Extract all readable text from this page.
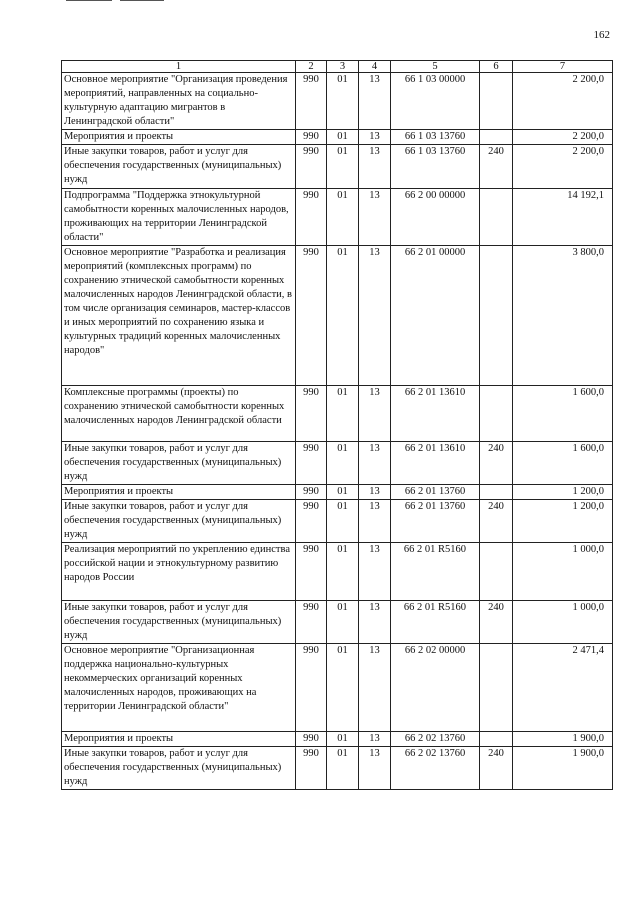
162
1	2	3	4	5	6	7
Основное мероприятие "Организация проведения мероприятий, направленных на социально-культурную адаптацию мигрантов в Ленинградской области"	990	01	13	66 1 03 00000		2 200,0
Мероприятия и проекты	990	01	13	66 1 03 13760		2 200,0
Иные закупки товаров, работ и услуг для обеспечения государственных (муниципальных) нужд	990	01	13	66 1 03 13760	240	2 200,0
Подпрограмма "Поддержка этнокультурной самобытности коренных малочисленных народов, проживающих на территории Ленинградской области"	990	01	13	66 2 00 00000		14 192,1
Основное мероприятие "Разработка и реализация мероприятий (комплексных программ) по сохранению этнической самобытности коренных малочисленных народов Ленинградской области, в том числе организация семинаров, мастер-классов и иных мероприятий по сохранению языка и культурных традиций коренных малочисленных народов"	990	01	13	66 2 01 00000		3 800,0
Комплексные программы (проекты) по сохранению этнической самобытности коренных малочисленных народов Ленинградской области	990	01	13	66 2 01 13610		1 600,0
Иные закупки товаров, работ и услуг для обеспечения государственных (муниципальных) нужд	990	01	13	66 2 01 13610	240	1 600,0
Мероприятия и проекты	990	01	13	66 2 01 13760		1 200,0
Иные закупки товаров, работ и услуг для обеспечения государственных (муниципальных) нужд	990	01	13	66 2 01 13760	240	1 200,0
Реализация мероприятий по укреплению единства российской нации и этнокультурному развитию народов России	990	01	13	66 2 01 R5160		1 000,0
Иные закупки товаров, работ и услуг для обеспечения государственных (муниципальных) нужд	990	01	13	66 2 01 R5160	240	1 000,0
Основное мероприятие "Организационная поддержка национально-культурных некоммерческих организаций коренных малочисленных народов, проживающих на территории Ленинградской области"	990	01	13	66 2 02 00000		2 471,4
Мероприятия и проекты	990	01	13	66 2 02 13760		1 900,0
Иные закупки товаров, работ и услуг для обеспечения государственных (муниципальных) нужд	990	01	13	66 2 02 13760	240	1 900,0
